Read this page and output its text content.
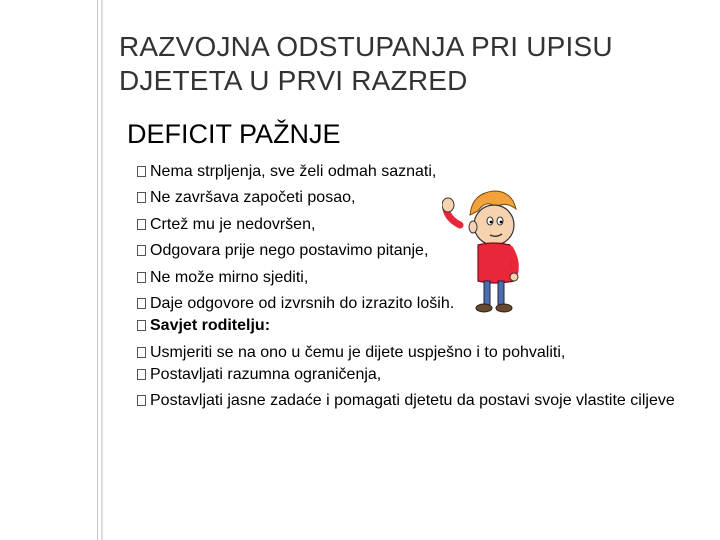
RAZVOJNA ODSTUPANJA PRI UPISU DJETETA U PRVI RAZRED
DEFICIT PAŽNJE
Nema strpljenja, sve želi odmah saznati,
Ne završava započeti posao,
Crtež mu je nedovršen,
Odgovara prije nego postavimo pitanje,
Ne može mirno sjediti,
Daje odgovore od izvrsnih do izrazito loših.
Savjet roditelju:
Usmjeriti se na ono u čemu je dijete uspješno i to pohvaliti,
Postavljati razumna ograničenja,
Postavljati jasne zadaće i pomagati djetetu da postavi svoje vlastite ciljeve
